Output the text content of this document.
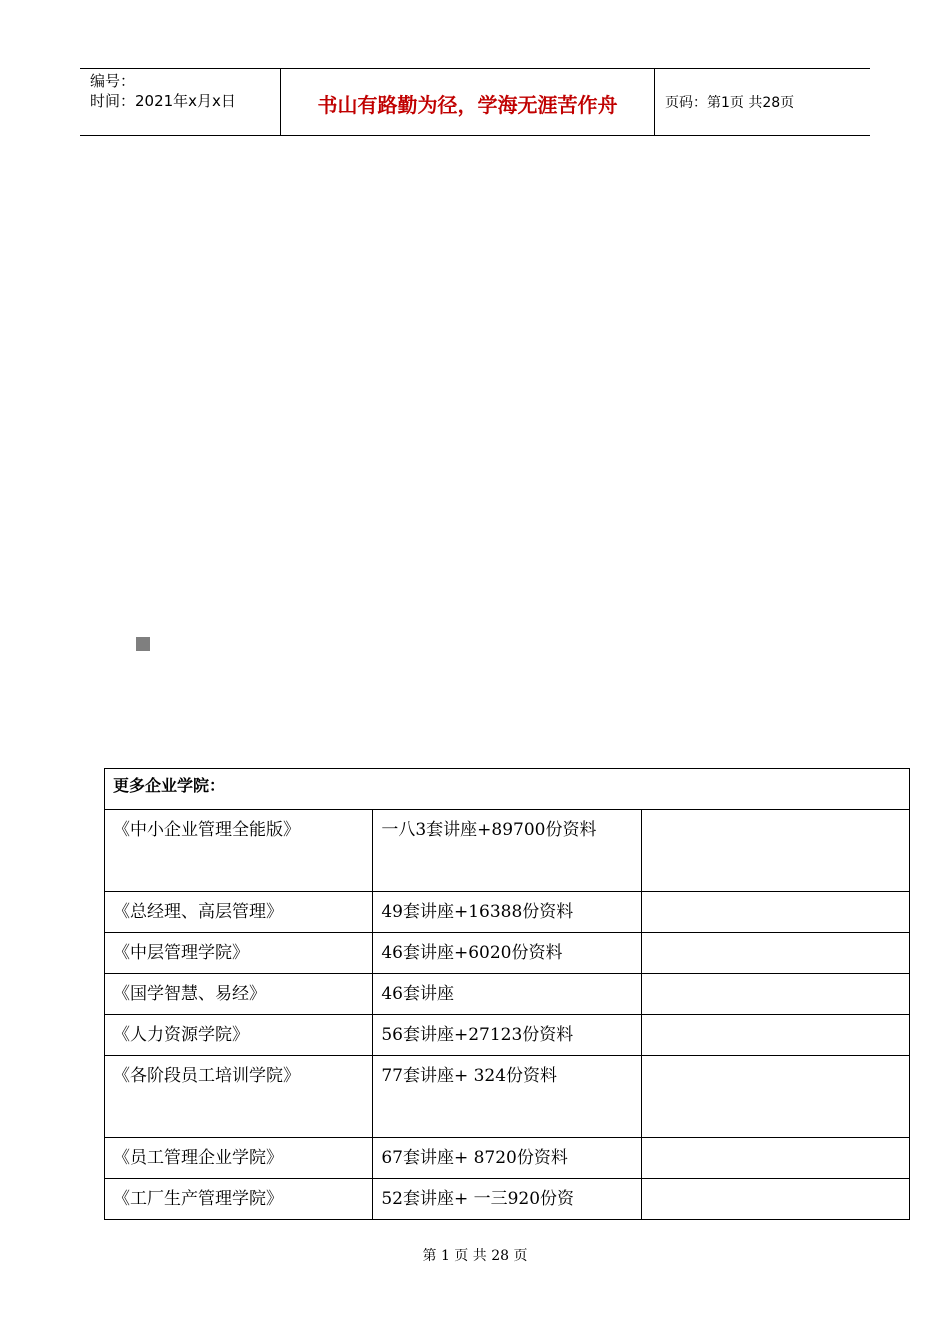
编号：
时间：2021年x月x日	书山有路勤为径，学海无涯苦作舟	页码：第1页 共28页
更多企业学院：		
《中小企业管理全能版》	一八3套讲座+89700份资料	
《总经理、高层管理》	49套讲座+16388份资料	
《中层管理学院》	46套讲座+6020份资料	
《国学智慧、易经》	46套讲座	
《人力资源学院》	56套讲座+27123份资料	
《各阶段员工培训学院》	77套讲座+ 324份资料	
《员工管理企业学院》	67套讲座+ 8720份资料	
《工厂生产管理学院》	52套讲座+ 一三920份资	
第 1 页 共 28 页
